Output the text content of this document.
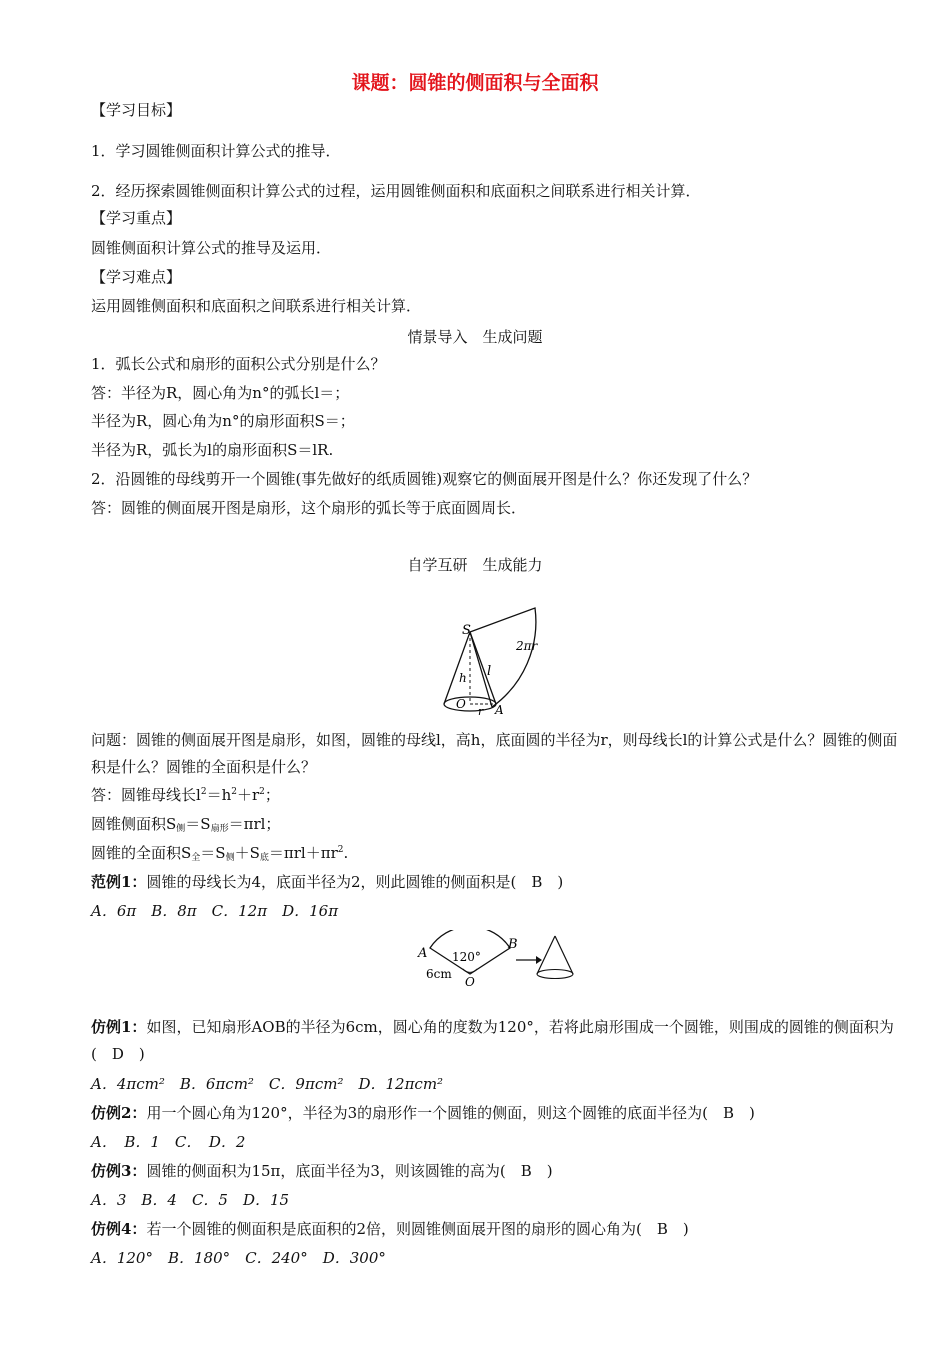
课题：圆锥的侧面积与全面积
【学习目标】
1．学习圆锥侧面积计算公式的推导．
2．经历探索圆锥侧面积计算公式的过程，运用圆锥侧面积和底面积之间联系进行相关计算．
【学习重点】
圆锥侧面积计算公式的推导及运用．
【学习难点】
运用圆锥侧面积和底面积之间联系进行相关计算．
情景导入　生成问题
1．弧长公式和扇形的面积公式分别是什么？
答：半径为R，圆心角为n°的弧长l＝；
半径为R，圆心角为n°的扇形面积S＝；
半径为R，弧长为l的扇形面积S＝lR.
2．沿圆锥的母线剪开一个圆锥(事先做好的纸质圆锥)观察它的侧面展开图是什么？你还发现了什么？
答：圆锥的侧面展开图是扇形，这个扇形的弧长等于底面圆周长．
自学互研　生成能力
S
2πr
l
h
O
r A
问题：圆锥的侧面展开图是扇形，如图，圆锥的母线l，高h，底面圆的半径为r，则母线长l的计算公式是什么？圆锥的侧面积是什么？圆锥的全面积是什么？
答：圆锥母线长$l^2=h^2+r^2$；
圆锥侧面积$S_侧=S_{扇形}=\pi rl$；
圆锥的全面积$S_全=S_侧+S_底=\pi rl+\pi r^2$.
范例1：圆锥的母线长为4，底面半径为2，则此圆锥的侧面积是(　B　)
A．6π　B．8π　C．12π　D．16π
A
B
120°
6cm
O
仿例1：如图，已知扇形AOB的半径为6cm，圆心角的度数为120°，若将此扇形围成一个圆锥，则围成的圆锥的侧面积为(　D　)
A．4πcm²　B．6πcm²　C．9πcm²　D．12πcm²
仿例2：用一个圆心角为120°，半径为3的扇形作一个圆锥的侧面，则这个圆锥的底面半径为(　B　)
A．　B．1　C．　D．2
仿例3：圆锥的侧面积为15π，底面半径为3，则该圆锥的高为(　B　)
A．3　B．4　C．5　D．15
仿例4：若一个圆锥的侧面积是底面积的2倍，则圆锥侧面展开图的扇形的圆心角为(　B　)
A．120°　B．180°　C．240°　D．300°
